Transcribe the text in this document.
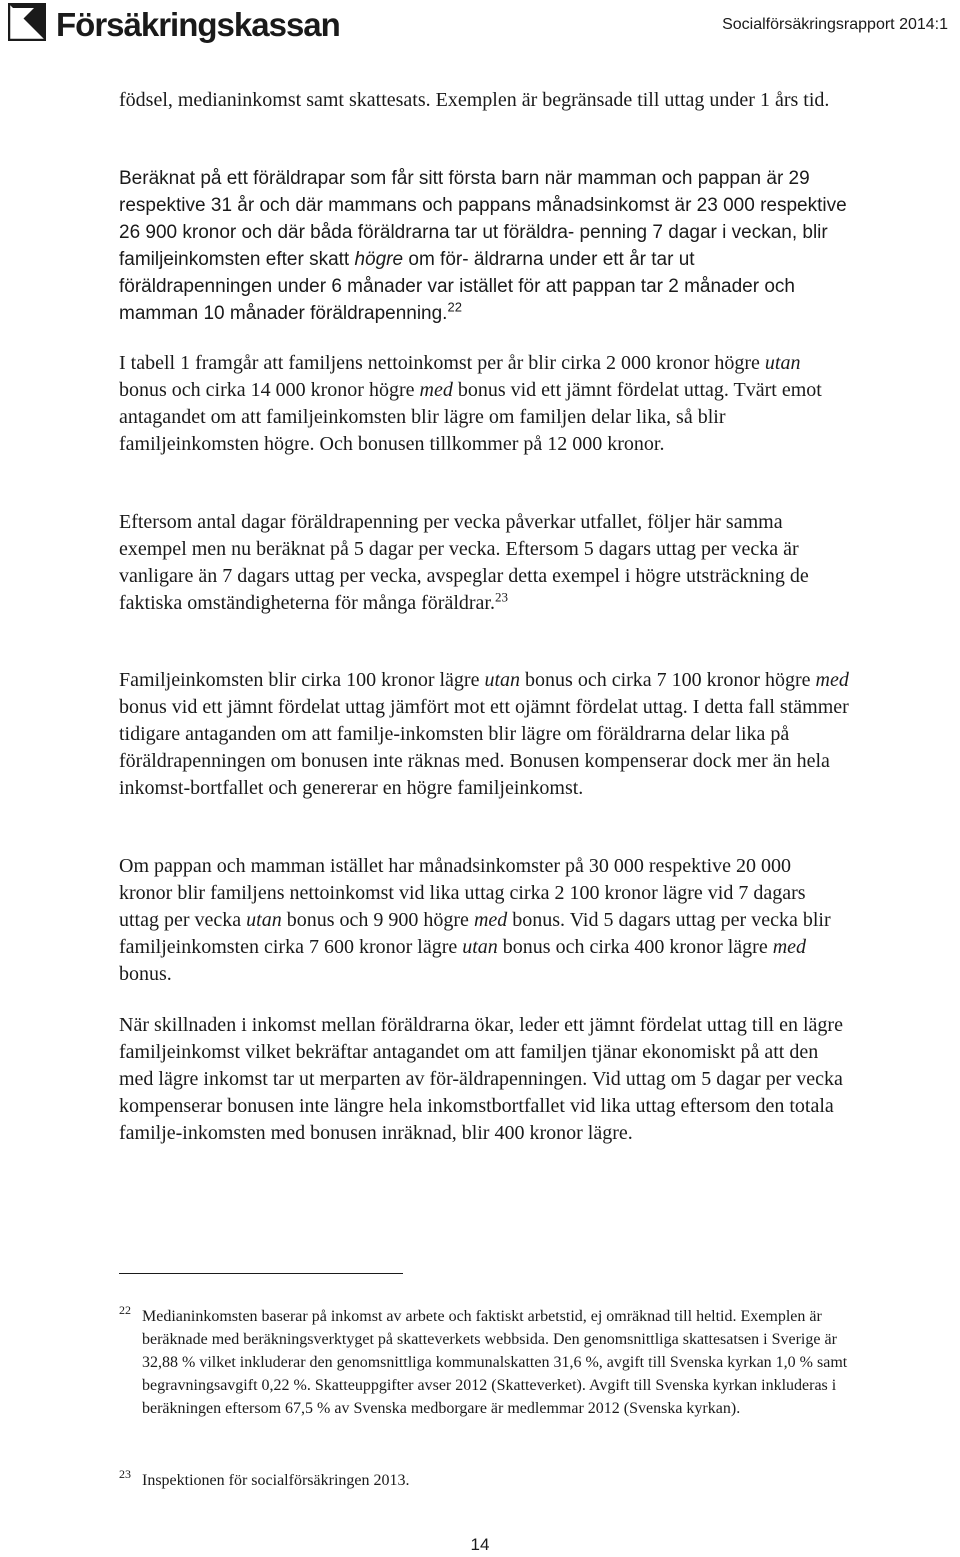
Försäkringskassan	Socialförsäkringsrapport 2014:1

födsel, medianinkomst samt skattesats. Exemplen är begränsade till uttag under 1 års tid.

Beräknat på ett föräldrapar som får sitt första barn när mamman och pappan är 29 respektive 31 år och där mammans och pappans månadsinkomst är 23 000 respektive 26 900 kronor och där båda föräldrarna tar ut föräldra- penning 7 dagar i veckan, blir familjeinkomsten efter skatt högre om för- äldrarna under ett år tar ut föräldrapenningen under 6 månader var istället för att pappan tar 2 månader och mamman 10 månader föräldrapenning.$^{22}$

I tabell 1 framgår att familjens nettoinkomst per år blir cirka 2 000 kronor högre utan bonus och cirka 14 000 kronor högre med bonus vid ett jämnt fördelat uttag. Tvärt emot antagandet om att familjeinkomsten blir lägre om familjen delar lika, så blir familjeinkomsten högre. Och bonusen tillkommer på 12 000 kronor.

Eftersom antal dagar föräldrapenning per vecka påverkar utfallet, följer här samma exempel men nu beräknat på 5 dagar per vecka. Eftersom 5 dagars uttag per vecka är vanligare än 7 dagars uttag per vecka, avspeglar detta exempel i högre utsträckning de faktiska omständigheterna för många föräldrar.$^{23}$

Familjeinkomsten blir cirka 100 kronor lägre utan bonus och cirka 7 100 kronor högre med bonus vid ett jämnt fördelat uttag jämfört mot ett ojämnt fördelat uttag. I detta fall stämmer tidigare antaganden om att familje-inkomsten blir lägre om föräldrarna delar lika på föräldrapenningen om bonusen inte räknas med. Bonusen kompenserar dock mer än hela inkomst-bortfallet och genererar en högre familjeinkomst.

Om pappan och mamman istället har månadsinkomster på 30 000 respektive 20 000 kronor blir familjens nettoinkomst vid lika uttag cirka 2 100 kronor lägre vid 7 dagars uttag per vecka utan bonus och 9 900 högre med bonus. Vid 5 dagars uttag per vecka blir familjeinkomsten cirka 7 600 kronor lägre utan bonus och cirka 400 kronor lägre med bonus.

När skillnaden i inkomst mellan föräldrarna ökar, leder ett jämnt fördelat uttag till en lägre familjeinkomst vilket bekräftar antagandet om att familjen tjänar ekonomiskt på att den med lägre inkomst tar ut merparten av för-äldrapenningen. Vid uttag om 5 dagar per vecka kompenserar bonusen inte längre hela inkomstbortfallet vid lika uttag eftersom den totala familje-inkomsten med bonusen inräknad, blir 400 kronor lägre.

22 Medianinkomsten baserar på inkomst av arbete och faktiskt arbetstid, ej omräknad till heltid. Exemplen är beräknade med beräkningsverktyget på skatteverkets webbsida. Den genomsnittliga skattesatsen i Sverige är 32,88 % vilket inkluderar den genomsnittliga kommunalskatten 31,6 %, avgift till Svenska kyrkan 1,0 % samt begravningsavgift 0,22 %. Skatteuppgifter avser 2012 (Skatteverket). Avgift till Svenska kyrkan inkluderas i beräkningen eftersom 67,5 % av Svenska medborgare är medlemmar 2012 (Svenska kyrkan).
23 Inspektionen för socialförsäkringen 2013.
14
